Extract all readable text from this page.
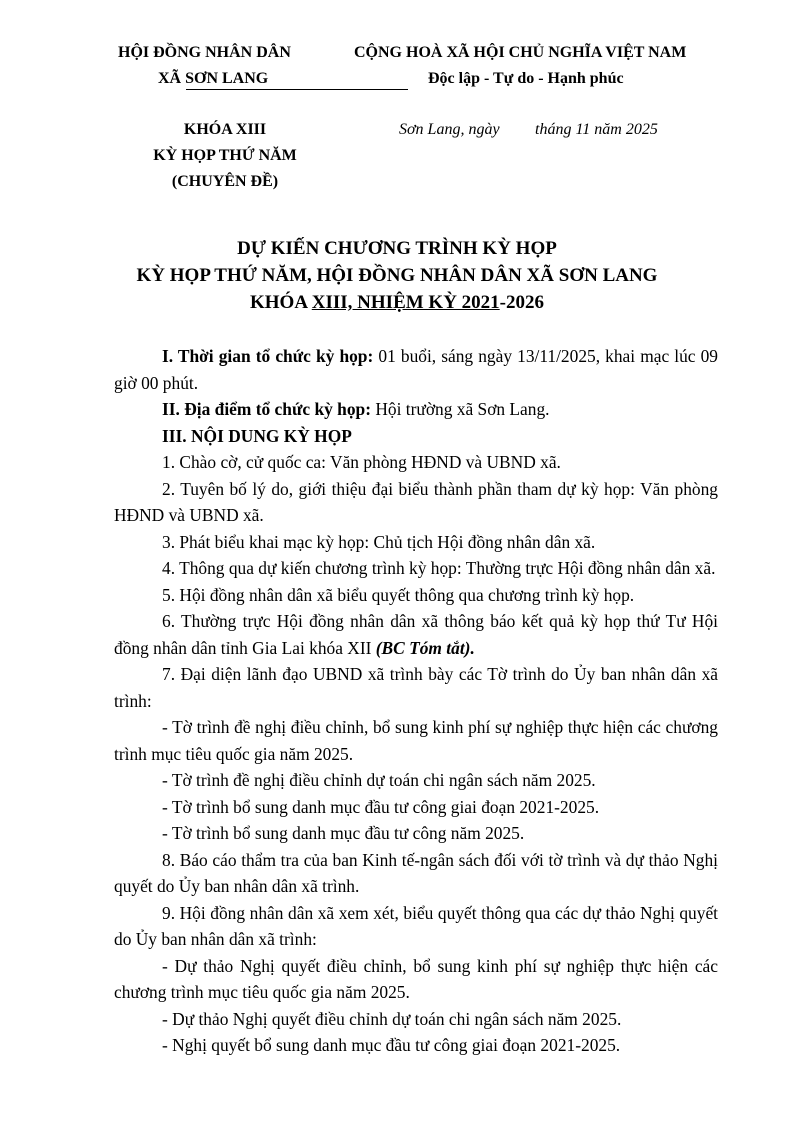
HỘI ĐỒNG NHÂN DÂN
XÃ SƠN LANG
CỘNG HOÀ XÃ HỘI CHỦ NGHĨA VIỆT NAM
Độc lập - Tự do - Hạnh phúc
KHÓA XIII
KỲ HỌP THỨ NĂM
(CHUYÊN ĐỀ)
Sơn Lang, ngày tháng 11 năm 2025
DỰ KIẾN CHƯƠNG TRÌNH KỲ HỌP
KỲ HỌP THỨ NĂM, HỘI ĐỒNG NHÂN DÂN XÃ SƠN LANG
KHÓA XIII, NHIỆM KỲ 2021-2026

I. Thời gian tổ chức kỳ họp: 01 buổi, sáng ngày 13/11/2025, khai mạc lúc 09 giờ 00 phút.

II. Địa điểm tổ chức kỳ họp: Hội trường xã Sơn Lang.

III. NỘI DUNG KỲ HỌP

1. Chào cờ, cử quốc ca: Văn phòng HĐND và UBND xã.

2. Tuyên bố lý do, giới thiệu đại biểu thành phần tham dự kỳ họp: Văn phòng HĐND và UBND xã.

3. Phát biểu khai mạc kỳ họp: Chủ tịch Hội đồng nhân dân xã.

4. Thông qua dự kiến chương trình kỳ họp: Thường trực Hội đồng nhân dân xã.

5. Hội đồng nhân dân xã biểu quyết thông qua chương trình kỳ họp.

6. Thường trực Hội đồng nhân dân xã thông báo kết quả kỳ họp thứ Tư Hội đồng nhân dân tỉnh Gia Lai khóa XII (BC Tóm tắt).

7. Đại diện lãnh đạo UBND xã trình bày các Tờ trình do Ủy ban nhân dân xã trình:

- Tờ trình đề nghị điều chỉnh, bổ sung kinh phí sự nghiệp thực hiện các chương trình mục tiêu quốc gia năm 2025.

- Tờ trình đề nghị điều chỉnh dự toán chi ngân sách năm 2025.

- Tờ trình bổ sung danh mục đầu tư công giai đoạn 2021-2025.

- Tờ trình bổ sung danh mục đầu tư công năm 2025.

8. Báo cáo thẩm tra của ban Kinh tế-ngân sách đối với tờ trình và dự thảo Nghị quyết do Ủy ban nhân dân xã trình.

9. Hội đồng nhân dân xã xem xét, biểu quyết thông qua các dự thảo Nghị quyết do Ủy ban nhân dân xã trình:

- Dự thảo Nghị quyết điều chỉnh, bổ sung kinh phí sự nghiệp thực hiện các chương trình mục tiêu quốc gia năm 2025.

- Dự thảo Nghị quyết điều chỉnh dự toán chi ngân sách năm 2025.

- Nghị quyết bổ sung danh mục đầu tư công giai đoạn 2021-2025.
